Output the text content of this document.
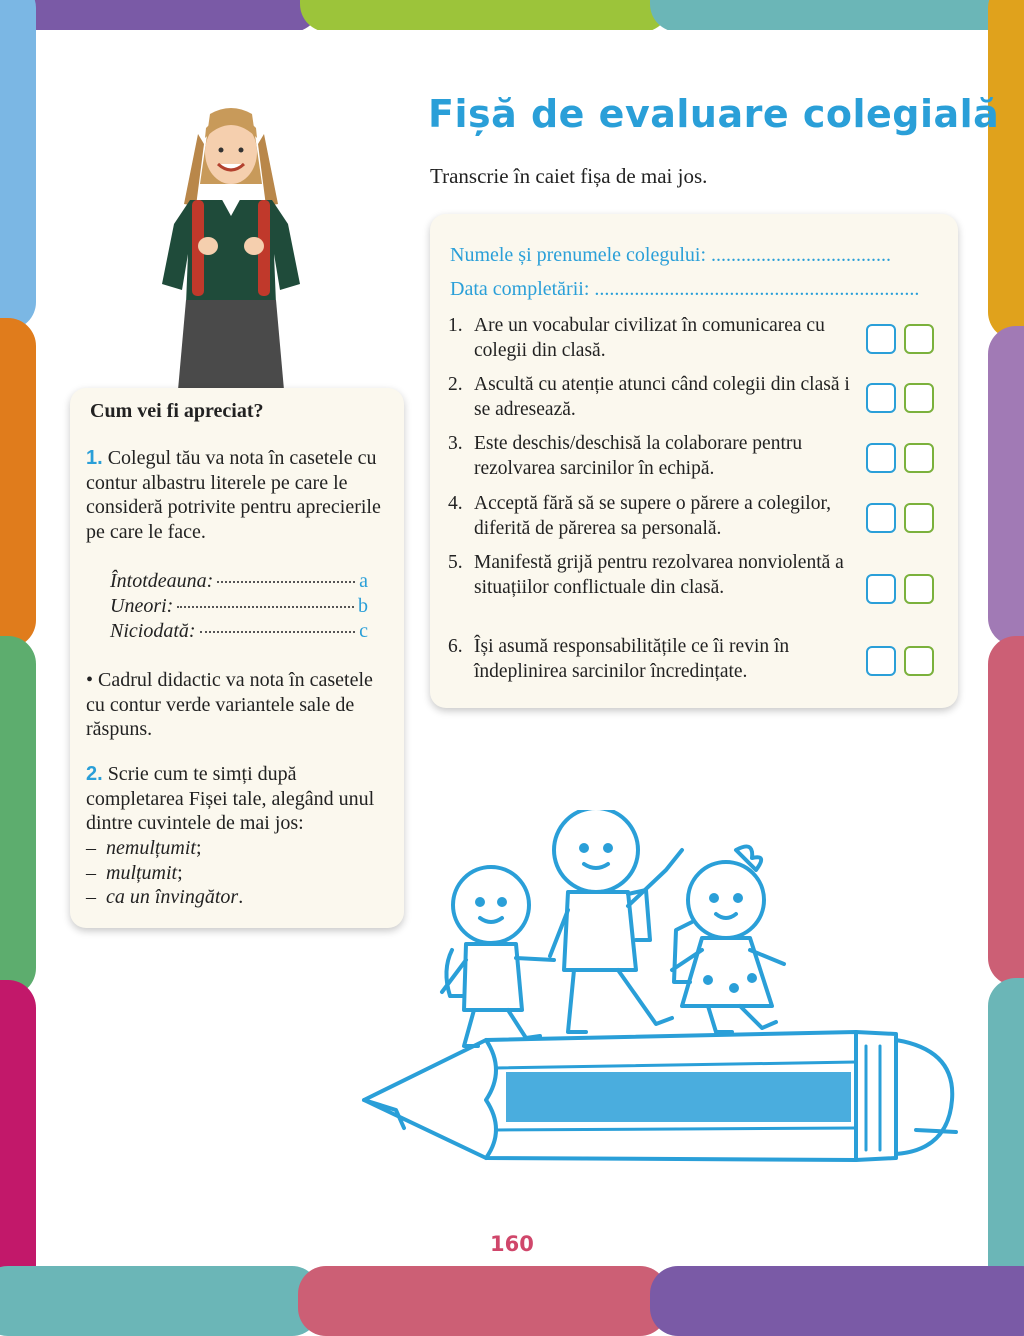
Fișă de evaluare colegială
Transcrie în caiet fișa de mai jos.
Numele și prenumele colegului: ....................................
Data completării: .................................................................
1. Are un vocabular civilizat în comunicarea cu colegii din clasă.
2. Ascultă cu atenție atunci când colegii din clasă i se adresează.
3. Este deschis/deschisă la colaborare pentru rezolvarea sarcinilor în echipă.
4. Acceptă fără să se supere o părere a colegilor, diferită de părerea sa personală.
5. Manifestă grijă pentru rezolvarea nonviolentă a situațiilor conflictuale din clasă.
6. Își asumă responsabilitățile ce îi revin în îndeplinirea sarcinilor încredințate.
Cum vei fi apreciat?
1. Colegul tău va nota în casetele cu contur albastru literele pe care le consideră potrivite pentru aprecierile pe care le face.
Întotdeauna:	a
Uneori:	b
Niciodată:	c
• Cadrul didactic va nota în casetele cu contur verde variantele sale de răspuns.
2. Scrie cum te simți după completarea Fișei tale, alegând unul dintre cuvintele de mai jos:
– nemulțumit;
– mulțumit;
– ca un învingător.
160
